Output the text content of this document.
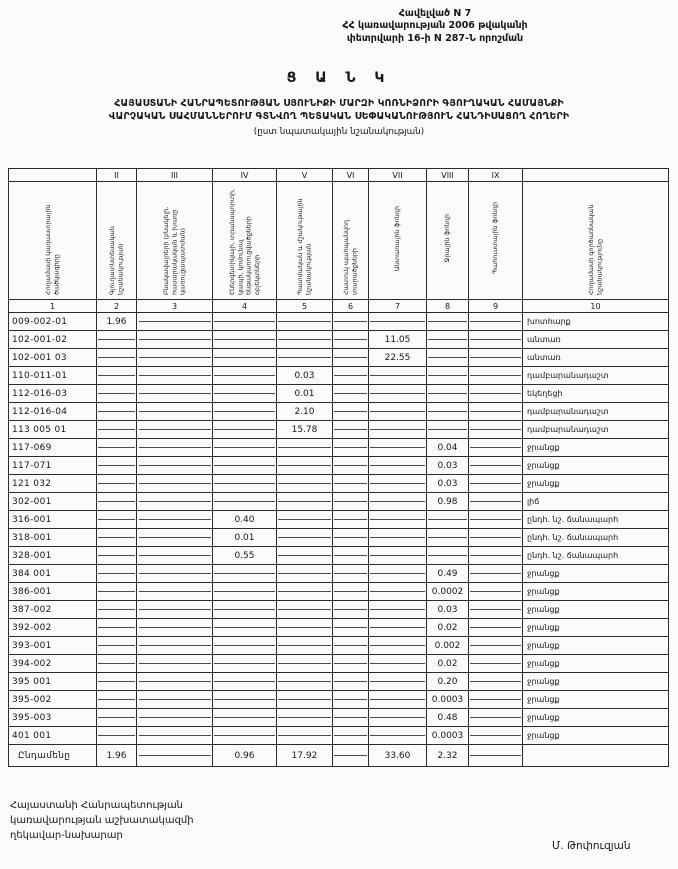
Հավելված N 7
ՀՀ կառավարության 2006 թվականի
փետրվարի 16-ի N 287-Ն որոշման
Ց Ա Ն Կ
ՀԱՅԱՍՏԱՆԻ ՀԱՆՐԱՊԵՏՈՒԹՅԱՆ ՍՅՈՒՆԻՔԻ ՄԱՐԶԻ ԿՈՌՆԻՁՈՐԻ ԳՅՈՒՂԱԿԱՆ ՀԱՄԱՅՆՔԻ
ՎԱՐՉԱԿԱՆ ՍԱՀՄԱՆՆԵՐՈՒՄ ԳՏՆՎՈՂ ՊԵՏԱԿԱՆ ՍԵՓԱԿԱՆՈՒԹՅՈՒՆ ՀԱՆԴԻՍԱՑՈՂ ՀՈՂԵՐԻ
(ըստ նպատակային նշանակության)
	II	III	IV	V	VI	VII	VIII	IX	
Հողամասի կադաստրային ծածկագիրը	Գյուղատնտեսական նշանակության	Բնակավայրերի (բնակելի, հասարակական և խառը կառուցապատման)	Էներգետիկայի, տրանսպորտի, կապի, կոմունալ ենթակառուցվածքների օբյեկտների	Պատմական և մշակութային նշանակության	Հատուկ պահպանվող տարածքների	Անտառային ֆոնդի	Ջրային ֆոնդի	Պահուստային ֆոնդի	Հողամասի գործառնական նշանակությունը
1	2	3	4	5	6	7	8	9	10
009-002-01	1.96								խոտհարք
102-001-02						11.05			անտառ
102-001 03						22.55			անտառ
110-011-01				0.03					դամբարանադաշտ
112-016-03				0.01					եկեղեցի
112-016-04				2.10					դամբարանադաշտ
113 005 01				15.78					դամբարանադաշտ
117-069							0.04		ջրանցք
117-071							0.03		ջրանցք
121 032							0.03		ջրանցք
302-001							0.98		լիճ
316-001			0.40						ընդհ. նշ. ճանապարհ
318-001			0.01						ընդհ. նշ. ճանապարհ
328-001			0.55						ընդհ. նշ. ճանապարհ
384 001							0.49		ջրանցք
386-001							0.0002		ջրանցք
387-002							0.03		ջրանցք
392-002							0.02		ջրանցք
393-001							0.002		ջրանցք
394-002							0.02		ջրանցք
395 001							0.20		ջրանցք
395-002							0.0003		ջրանցք
395-003							0.48		ջրանցք
401 001							0.0003		ջրանցք
Ընդամենը	1.96		0.96	17.92		33.60	2.32	

Հայաստանի Հանրապետության
կառավարության աշխատակազմի
ղեկավար-նախարար
Մ. Թոփուզյան
